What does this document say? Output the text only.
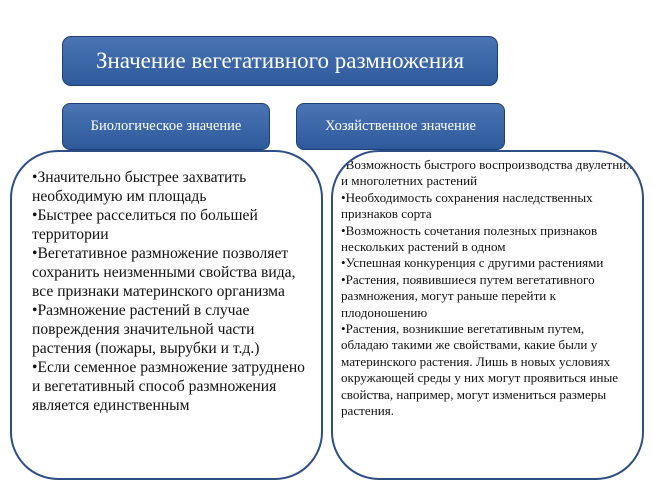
Значение вегетативного размножения
Биологическое значение	Хозяйственное значение
•Значительно быстрее захватить необходимую им площадь
•Быстрее расселиться по большей территории
•Вегетативное размножение позволяет сохранить неизменными свойства вида, все признаки материнского организма
•Размножение растений в случае повреждения значительной части растения (пожары, вырубки и т.д.)
•Если семенное размножение затруднено и вегетативный способ размножения является единственным
•Возможность быстрого воспроизводства двулетних и многолетних растений
•Необходимость сохранения наследственных признаков сорта
•Возможность сочетания полезных признаков нескольких растений в одном
•Успешная конкуренция с другими растениями
•Растения, появившиеся путем вегетативного размножения, могут раньше перейти к плодоношению
•Растения, возникшие вегетативным путем, обладаю такими же свойствами, какие были у материнского растения. Лишь в новых условиях окружающей среды у них могут проявиться иные свойства, например, могут измениться размеры растения.
